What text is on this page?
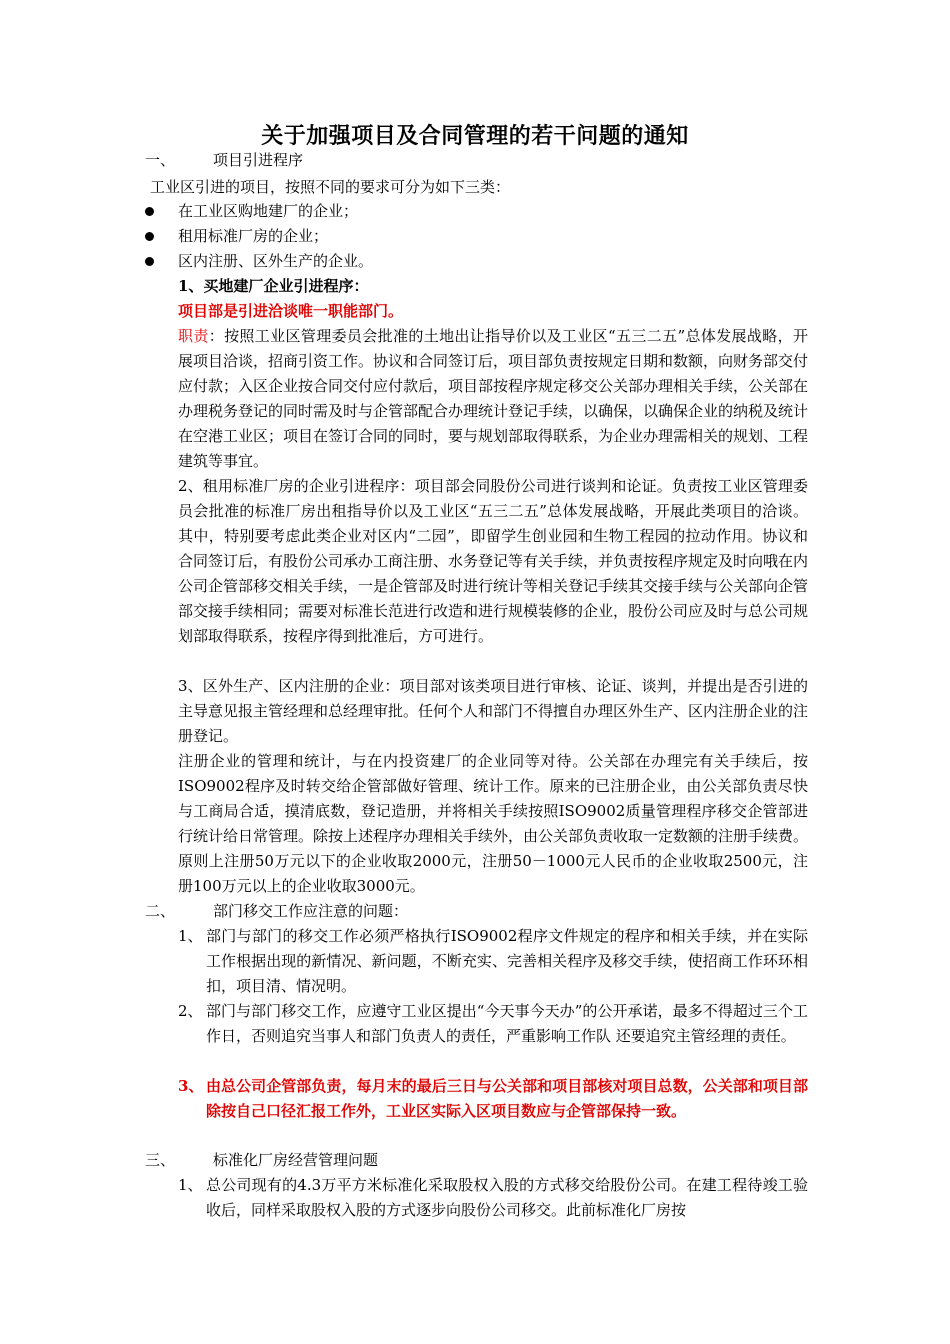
关于加强项目及合同管理的若干问题的通知
一、	项目引进程序
工业区引进的项目，按照不同的要求可分为如下三类：
在工业区购地建厂的企业；
租用标准厂房的企业；
区内注册、区外生产的企业。
1、买地建厂企业引进程序：
项目部是引进洽谈唯一职能部门。
职责：按照工业区管理委员会批准的土地出让指导价以及工业区“五三二五”总体发展战略，开展项目洽谈，招商引资工作。协议和合同签订后，项目部负责按规定日期和数额，向财务部交付应付款；入区企业按合同交付应付款后，项目部按程序规定移交公关部办理相关手续，公关部在办理税务登记的同时需及时与企管部配合办理统计登记手续，以确保，以确保企业的纳税及统计在空港工业区；项目在签订合同的同时，要与规划部取得联系，为企业办理需相关的规划、工程建筑等事宜。
2、租用标准厂房的企业引进程序：项目部会同股份公司进行谈判和论证。负责按工业区管理委员会批准的标准厂房出租指导价以及工业区“五三二五”总体发展战略，开展此类项目的洽谈。其中，特别要考虑此类企业对区内“二园”，即留学生创业园和生物工程园的拉动作用。协议和合同签订后，有股份公司承办工商注册、水务登记等有关手续，并负责按程序规定及时向哦在内公司企管部移交相关手续，一是企管部及时进行统计等相关登记手续其交接手续与公关部向企管部交接手续相同；需要对标准长范进行改造和进行规模装修的企业，股份公司应及时与总公司规划部取得联系，按程序得到批准后，方可进行。
3、区外生产、区内注册的企业：项目部对该类项目进行审核、论证、谈判，并提出是否引进的主导意见报主管经理和总经理审批。任何个人和部门不得擅自办理区外生产、区内注册企业的注册登记。
注册企业的管理和统计，与在内投资建厂的企业同等对待。公关部在办理完有关手续后，按ISO9002程序及时转交给企管部做好管理、统计工作。原来的已注册企业，由公关部负责尽快与工商局合适，摸清底数，登记造册，并将相关手续按照ISO9002质量管理程序移交企管部进行统计给日常管理。除按上述程序办理相关手续外，由公关部负责收取一定数额的注册手续费。原则上注册50万元以下的企业收取2000元，注册50－1000元人民币的企业收取2500元，注册100万元以上的企业收取3000元。
二、	部门移交工作应注意的问题：
1、 部门与部门的移交工作必须严格执行ISO9002程序文件规定的程序和相关手续，并在实际工作根据出现的新情况、新问题，不断充实、完善相关程序及移交手续，使招商工作环环相扣，项目清、情况明。
2、 部门与部门移交工作，应遵守工业区提出“今天事今天办”的公开承诺，最多不得超过三个工作日，否则追究当事人和部门负责人的责任，严重影响工作队 还要追究主管经理的责任。
3、 由总公司企管部负责，每月末的最后三日与公关部和项目部核对项目总数，公关部和项目部除按自己口径汇报工作外，工业区实际入区项目数应与企管部保持一致。
三、	标准化厂房经营管理问题
1、 总公司现有的4.3万平方米标准化采取股权入股的方式移交给股份公司。在建工程待竣工验收后，同样采取股权入股的方式逐步向股份公司移交。此前标准化厂房按
